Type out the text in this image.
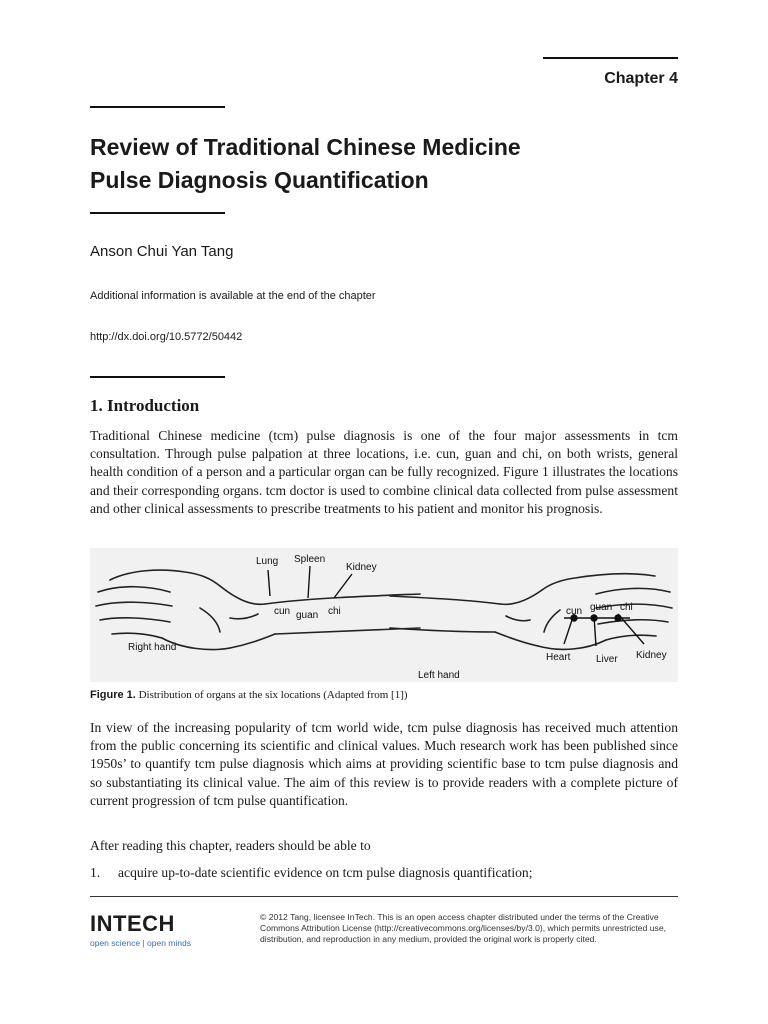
Chapter 4
Review of Traditional Chinese Medicine
Pulse Diagnosis Quantification
Anson Chui Yan Tang
Additional information is available at the end of the chapter
http://dx.doi.org/10.5772/50442
1. Introduction
Traditional Chinese medicine (tcm) pulse diagnosis is one of the four major assessments in tcm consultation. Through pulse palpation at three locations, i.e. cun, guan and chi, on both wrists, general health condition of a person and a particular organ can be fully recognized. Figure 1 illustrates the locations and their corresponding organs. tcm doctor is used to combine clinical data collected from pulse assessment and other clinical assessments to prescribe treatments to his patient and monitor his prognosis.
Lung Spleen
Kidney
cun guan chi
Right hand
cun guan chi
Heart	Liver Kidney
Left hand
Figure 1. Distribution of organs at the six locations (Adapted from [1])
In view of the increasing popularity of tcm world wide, tcm pulse diagnosis has received much attention from the public concerning its scientific and clinical values. Much research work has been published since 1950s’ to quantify tcm pulse diagnosis which aims at providing scientific base to tcm pulse diagnosis and so substantiating its clinical value. The aim of this review is to provide readers with a complete picture of current progression of tcm pulse quantification.
After reading this chapter, readers should be able to
1. acquire up-to-date scientific evidence on tcm pulse diagnosis quantification;
INTECH
open science | open minds
© 2012 Tang, licensee InTech. This is an open access chapter distributed under the terms of the Creative Commons Attribution License (http://creativecommons.org/licenses/by/3.0), which permits unrestricted use, distribution, and reproduction in any medium, provided the original work is properly cited.
